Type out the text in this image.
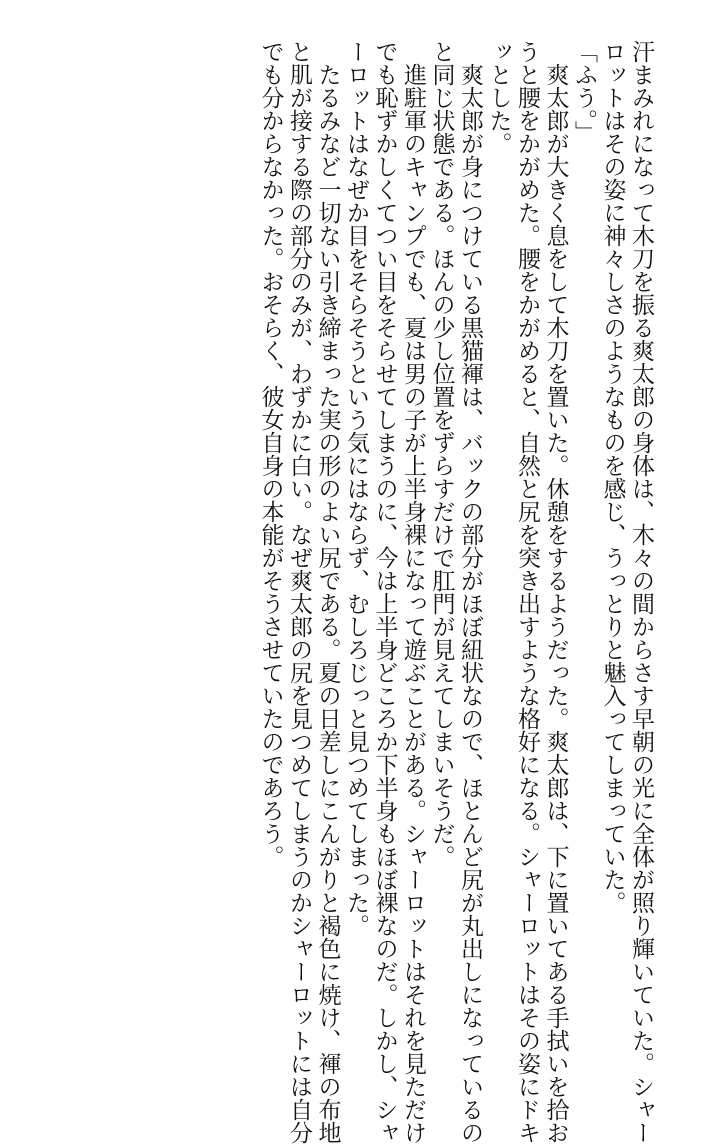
汗まみれになって木刀を振る爽太郎の身体は、木々の間からさす早朝の光に全体が照り輝いていた。シャー
ロットはその姿に神々しさのようなものを感じ、うっとりと魅入ってしまっていた。
「ふう。」
　爽太郎が大きく息をして木刀を置いた。休憩をするようだった。爽太郎は、下に置いてある手拭いを拾お
うと腰をかがめた。腰をかがめると、自然と尻を突き出すような格好になる。シャーロットはその姿にドキ
ッとした。
　爽太郎が身につけている黒猫褌は、バックの部分がほぼ紐状なので、ほとんど尻が丸出しになっているの
と同じ状態である。ほんの少し位置をずらすだけで肛門が見えてしまいそうだ。
　進駐軍のキャンプでも、夏は男の子が上半身裸になって遊ぶことがある。シャーロットはそれを見ただけ
でも恥ずかしくてつい目をそらせてしまうのに、今は上半身どころか下半身もほぼ裸なのだ。しかし、シャ
ーロットはなぜか目をそらそうという気にはならず、むしろじっと見つめてしまった。
　たるみなど一切ない引き締まった実の形のよい尻である。夏の日差しにこんがりと褐色に焼け、褌の布地
と肌が接する際の部分のみが、わずかに白い。なぜ爽太郎の尻を見つめてしまうのかシャーロットには自分
でも分からなかった。おそらく、彼女自身の本能がそうさせていたのであろう。
